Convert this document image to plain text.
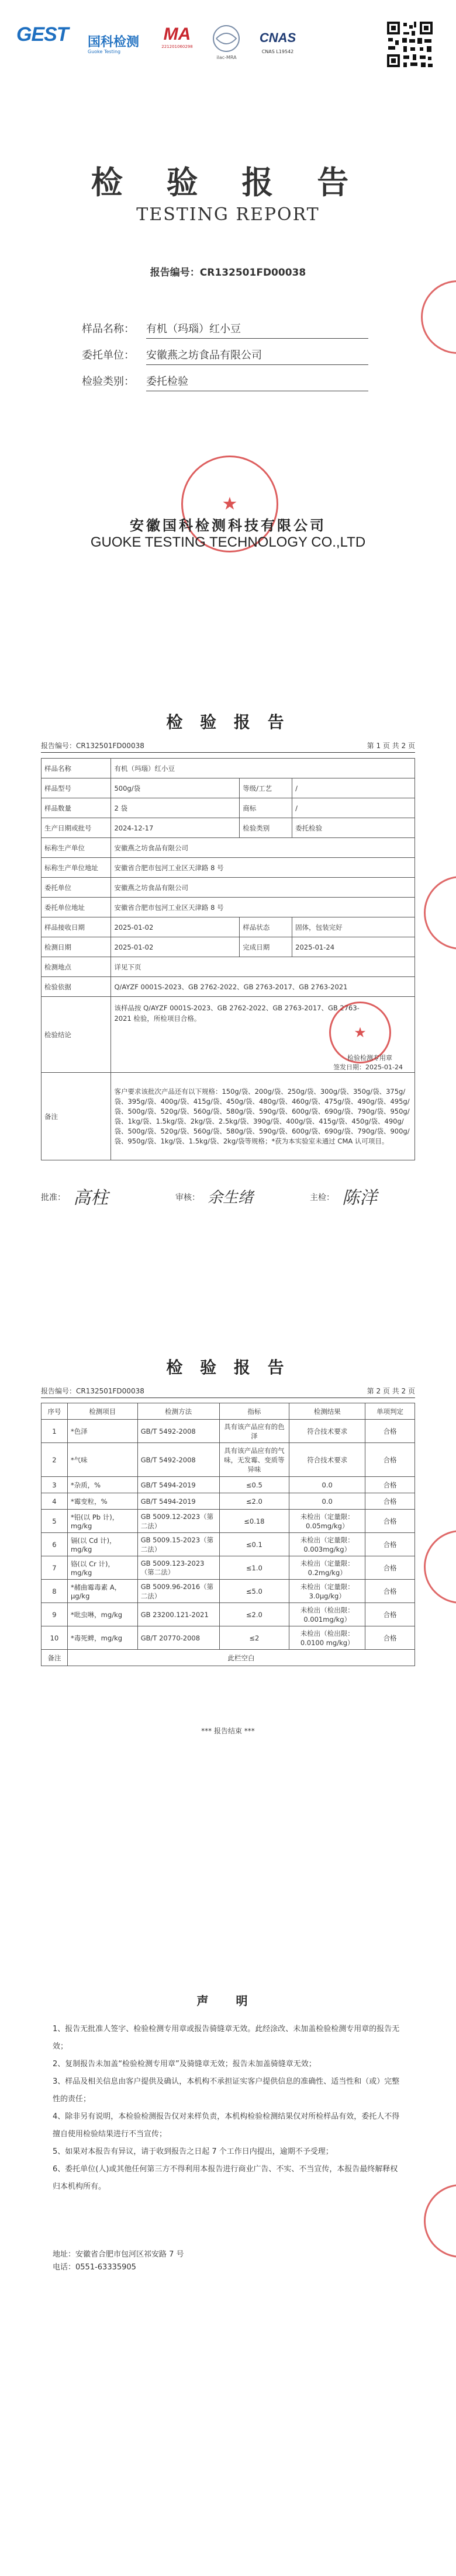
GEST	国科检测
Guoke Testing
MA
221201060298
ilac-MRA
CNAS
CNAS L19542
检 验 报 告
TESTING REPORT
报告编号：CR132501FD00038
样品名称： 有机（玛瑙）红小豆
委托单位： 安徽燕之坊食品有限公司
检验类别： 委托检验
★
安徽国科检测科技有限公司
GUOKE TESTING TECHNOLOGY CO.,LTD
检 验 报 告
报告编号：CR132501FD00038	第 1 页 共 2 页
样品名称	有机（玛瑙）红小豆		
样品型号	500g/袋	等级/工艺	/
样品数量	2 袋	商标	/
生产日期或批号	2024-12-17	检验类别	委托检验
标称生产单位	安徽燕之坊食品有限公司		
标称生产单位地址	安徽省合肥市包河工业区天津路 8 号		
委托单位	安徽燕之坊食品有限公司		
委托单位地址	安徽省合肥市包河工业区天津路 8 号		
样品接收日期	2025-01-02	样品状态	固体，包装完好
检测日期	2025-01-02	完成日期	2025-01-24
检测地点	详见下页		
检验依据	Q/AYZF 0001S-2023、GB 2762-2022、GB 2763-2017、GB 2763-2021		
检验结论	该样品按 Q/AYZF 0001S-2023、GB 2762-2022、GB 2763-2017、GB 2763-2021 检验，所检项目合格。
★
检验检测专用章
签发日期：2025-01-24		

备注	客户要求该批次产品还有以下规格：150g/袋、200g/袋、250g/袋、300g/袋、350g/袋、375g/袋、395g/袋、400g/袋、415g/袋、450g/袋、480g/袋、460g/袋、475g/袋、490g/袋、495g/袋、500g/袋、520g/袋、560g/袋、580g/袋、590g/袋、600g/袋、690g/袋、790g/袋、950g/袋、1kg/袋、1.5kg/袋、2kg/袋、2.5kg/袋、390g/袋、400g/袋、415g/袋、450g/袋、490g/袋、500g/袋、520g/袋、560g/袋、580g/袋、590g/袋、600g/袋、690g/袋、790g/袋、900g/袋、950g/袋、1kg/袋、1.5kg/袋、2kg/袋等规格；*获为本实验室未通过 CMA 认可项目。		
批准： 高柱	审核： 余生绪	主检： 陈洋
检 验 报 告
报告编号：CR132501FD00038	第 2 页 共 2 页
序号	检测项目	检测方法	指标	检测结果	单项判定
1	*色泽	GB/T 5492-2008	具有该产品应有的色泽	符合技术要求	合格
2	*气味	GB/T 5492-2008	具有该产品应有的气味，无发霉、变质等异味	符合技术要求	合格
3	*杂质，%	GB/T 5494-2019	≤0.5	0.0	合格
4	*霉变粒，%	GB/T 5494-2019	≤2.0	0.0	合格
5	*铅(以 Pb 计)，mg/kg	GB 5009.12-2023（第二法）	≤0.18	未检出（定量限：0.05mg/kg）	合格
6	镉(以 Cd 计)，mg/kg	GB 5009.15-2023（第二法）	≤0.1	未检出（定量限：0.003mg/kg）	合格
7	铬(以 Cr 计)，mg/kg	GB 5009.123-2023（第二法）	≤1.0	未检出（定量限：0.2mg/kg）	合格
8	*赭曲霉毒素 A，μg/kg	GB 5009.96-2016（第二法）	≤5.0	未检出（定量限：3.0μg/kg）	合格
9	*吡虫啉，mg/kg	GB 23200.121-2021	≤2.0	未检出（检出限：0.001mg/kg）	合格
10	*毒死蜱，mg/kg	GB/T 20770-2008	≤2	未检出（检出限：0.0100 mg/kg）	合格
备注	此栏空白				
*** 报告结束 ***
声 明
1、报告无批准人签字、检验检测专用章或报告骑缝章无效。此经涂改、未加盖检验检测专用章的报告无效；
2、复制报告未加盖“检验检测专用章”及骑缝章无效；报告未加盖骑缝章无效；
3、样品及相关信息由客户提供及确认，本机构不承担证实客户提供信息的准确性、适当性和（或）完整性的责任；
4、除非另有说明，本检验检测报告仅对来样负责，本机构检验检测结果仅对所检样品有效，委托人不得擅自使用检验结果进行不当宣传；
5、如果对本报告有异议，请于收到报告之日起 7 个工作日内提出，逾期不予受理；
6、委托单位(人)或其他任何第三方不得利用本报告进行商业广告、不实、不当宣传，本报告最终解释权归本机构所有。
地址：安徽省合肥市包河区祁安路 7 号
电话：0551-63335905
